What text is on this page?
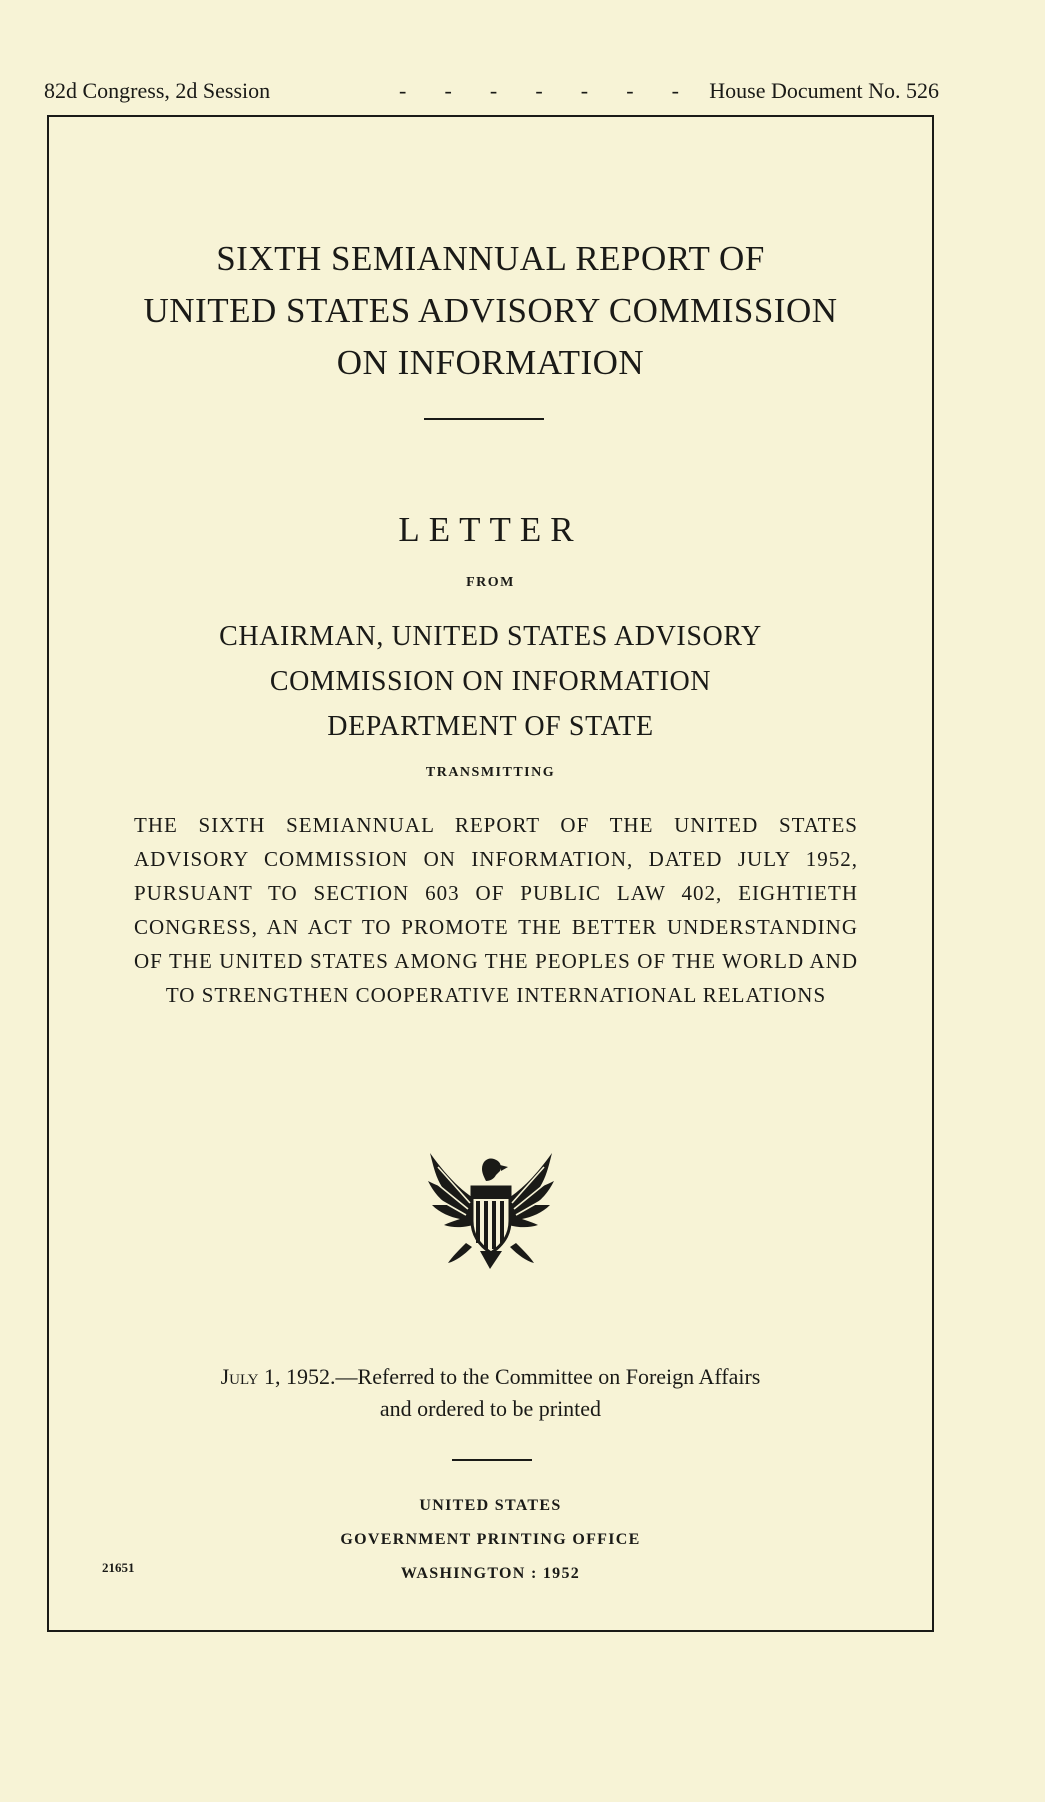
82d Congress, 2d Session	- - - - - - - House Document No. 526
SIXTH SEMIANNUAL REPORT OF
UNITED STATES ADVISORY COMMISSION
ON INFORMATION
LETTER
FROM
CHAIRMAN, UNITED STATES ADVISORY
COMMISSION ON INFORMATION
DEPARTMENT OF STATE
TRANSMITTING
THE SIXTH SEMIANNUAL REPORT OF THE UNITED STATES ADVISORY COMMISSION ON INFORMATION, DATED JULY 1952, PURSUANT TO SECTION 603 OF PUBLIC LAW 402, EIGHTIETH CONGRESS, AN ACT TO PROMOTE THE BETTER UNDERSTANDING OF THE UNITED STATES AMONG THE PEOPLES OF THE WORLD AND TO STRENGTHEN COOPERATIVE INTERNATIONAL RELATIONS
July 1, 1952.—Referred to the Committee on Foreign Affairs
and ordered to be printed
UNITED STATES
GOVERNMENT PRINTING OFFICE
WASHINGTON : 1952
21651
